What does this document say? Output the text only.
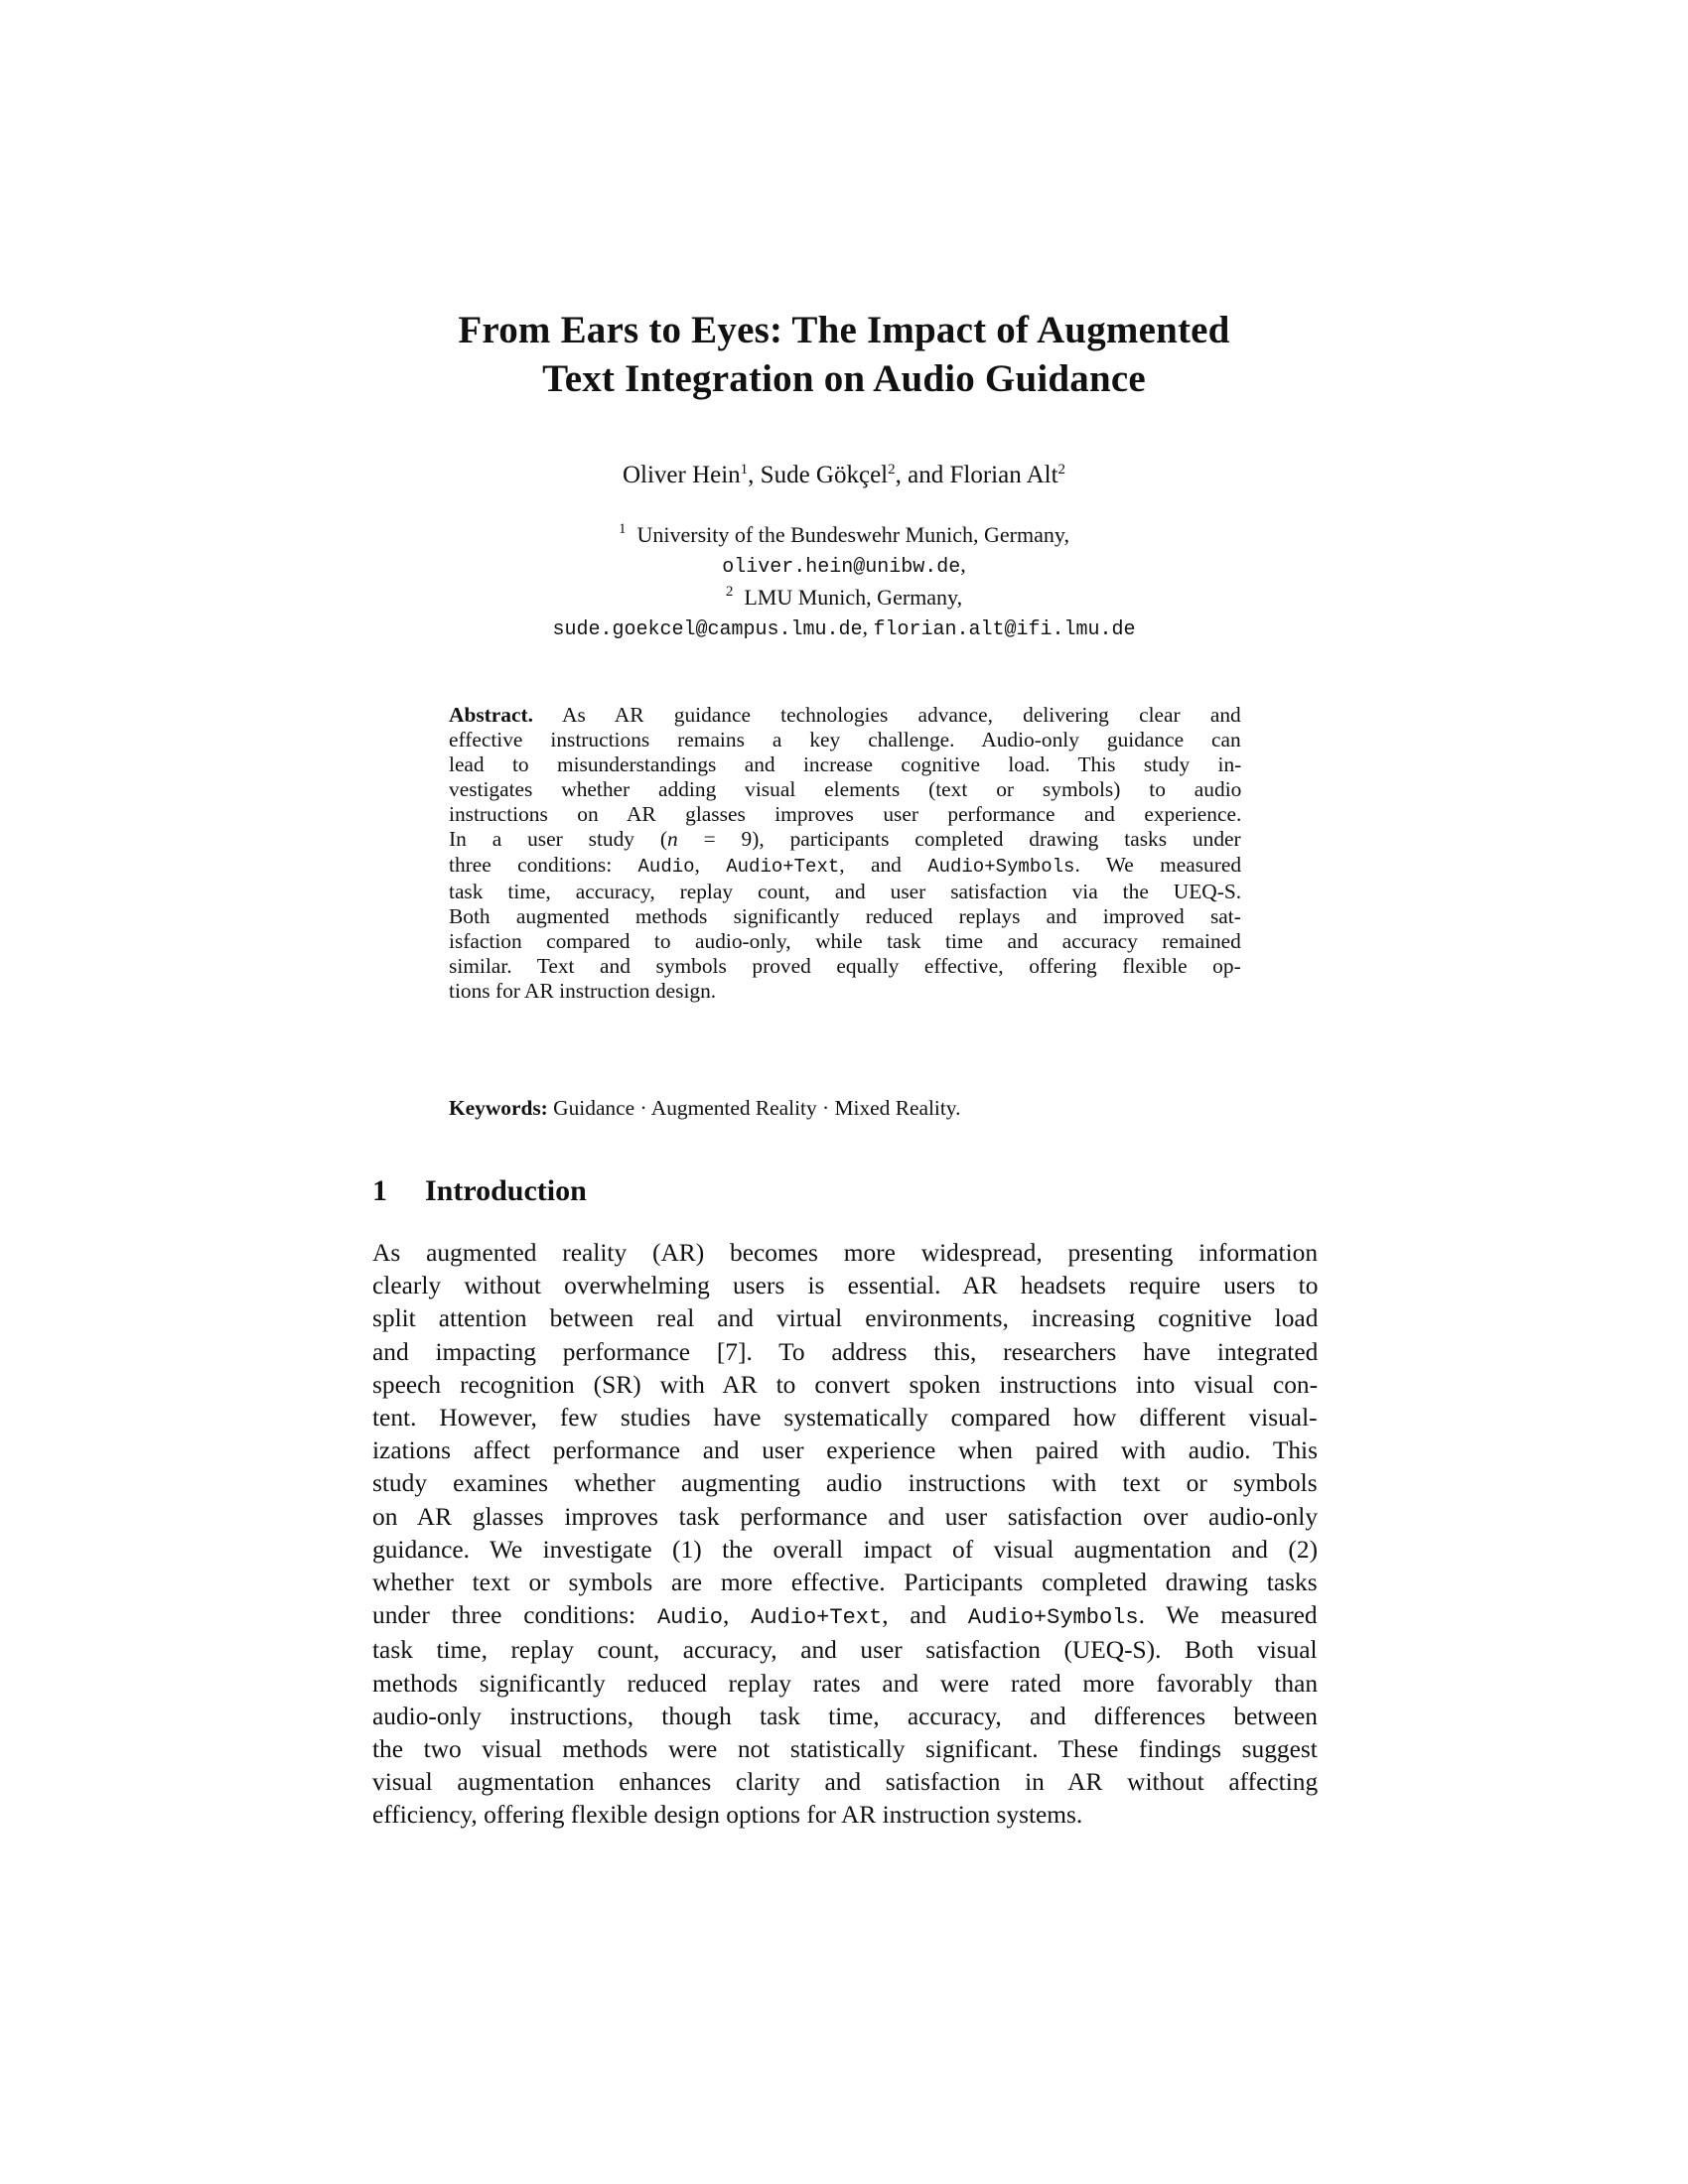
From Ears to Eyes: The Impact of Augmented
Text Integration on Audio Guidance
Oliver Hein$^1$, Sude Gökçel$^2$, and Florian Alt$^2$
$^1$ University of the Bundeswehr Munich, Germany,
oliver.hein@unibw.de,
$^2$ LMU Munich, Germany,
sude.goekcel@campus.lmu.de, florian.alt@ifi.lmu.de
Abstract. As AR guidance technologies advance, delivering clear and
effective instructions remains a key challenge. Audio-only guidance can
lead to misunderstandings and increase cognitive load. This study in-
vestigates whether adding visual elements (text or symbols) to audio
instructions on AR glasses improves user performance and experience.
In a user study (n = 9), participants completed drawing tasks under
three conditions: Audio, Audio+Text, and Audio+Symbols. We measured
task time, accuracy, replay count, and user satisfaction via the UEQ-S.
Both augmented methods significantly reduced replays and improved sat-
isfaction compared to audio-only, while task time and accuracy remained
similar. Text and symbols proved equally effective, offering flexible op-
tions for AR instruction design.
Keywords: Guidance · Augmented Reality · Mixed Reality.
1 Introduction
As augmented reality (AR) becomes more widespread, presenting information
clearly without overwhelming users is essential. AR headsets require users to
split attention between real and virtual environments, increasing cognitive load
and impacting performance [7]. To address this, researchers have integrated
speech recognition (SR) with AR to convert spoken instructions into visual con-
tent. However, few studies have systematically compared how different visual-
izations affect performance and user experience when paired with audio. This
study examines whether augmenting audio instructions with text or symbols
on AR glasses improves task performance and user satisfaction over audio-only
guidance. We investigate (1) the overall impact of visual augmentation and (2)
whether text or symbols are more effective. Participants completed drawing tasks
under three conditions: Audio, Audio+Text, and Audio+Symbols. We measured
task time, replay count, accuracy, and user satisfaction (UEQ-S). Both visual
methods significantly reduced replay rates and were rated more favorably than
audio-only instructions, though task time, accuracy, and differences between
the two visual methods were not statistically significant. These findings suggest
visual augmentation enhances clarity and satisfaction in AR without affecting
efficiency, offering flexible design options for AR instruction systems.
